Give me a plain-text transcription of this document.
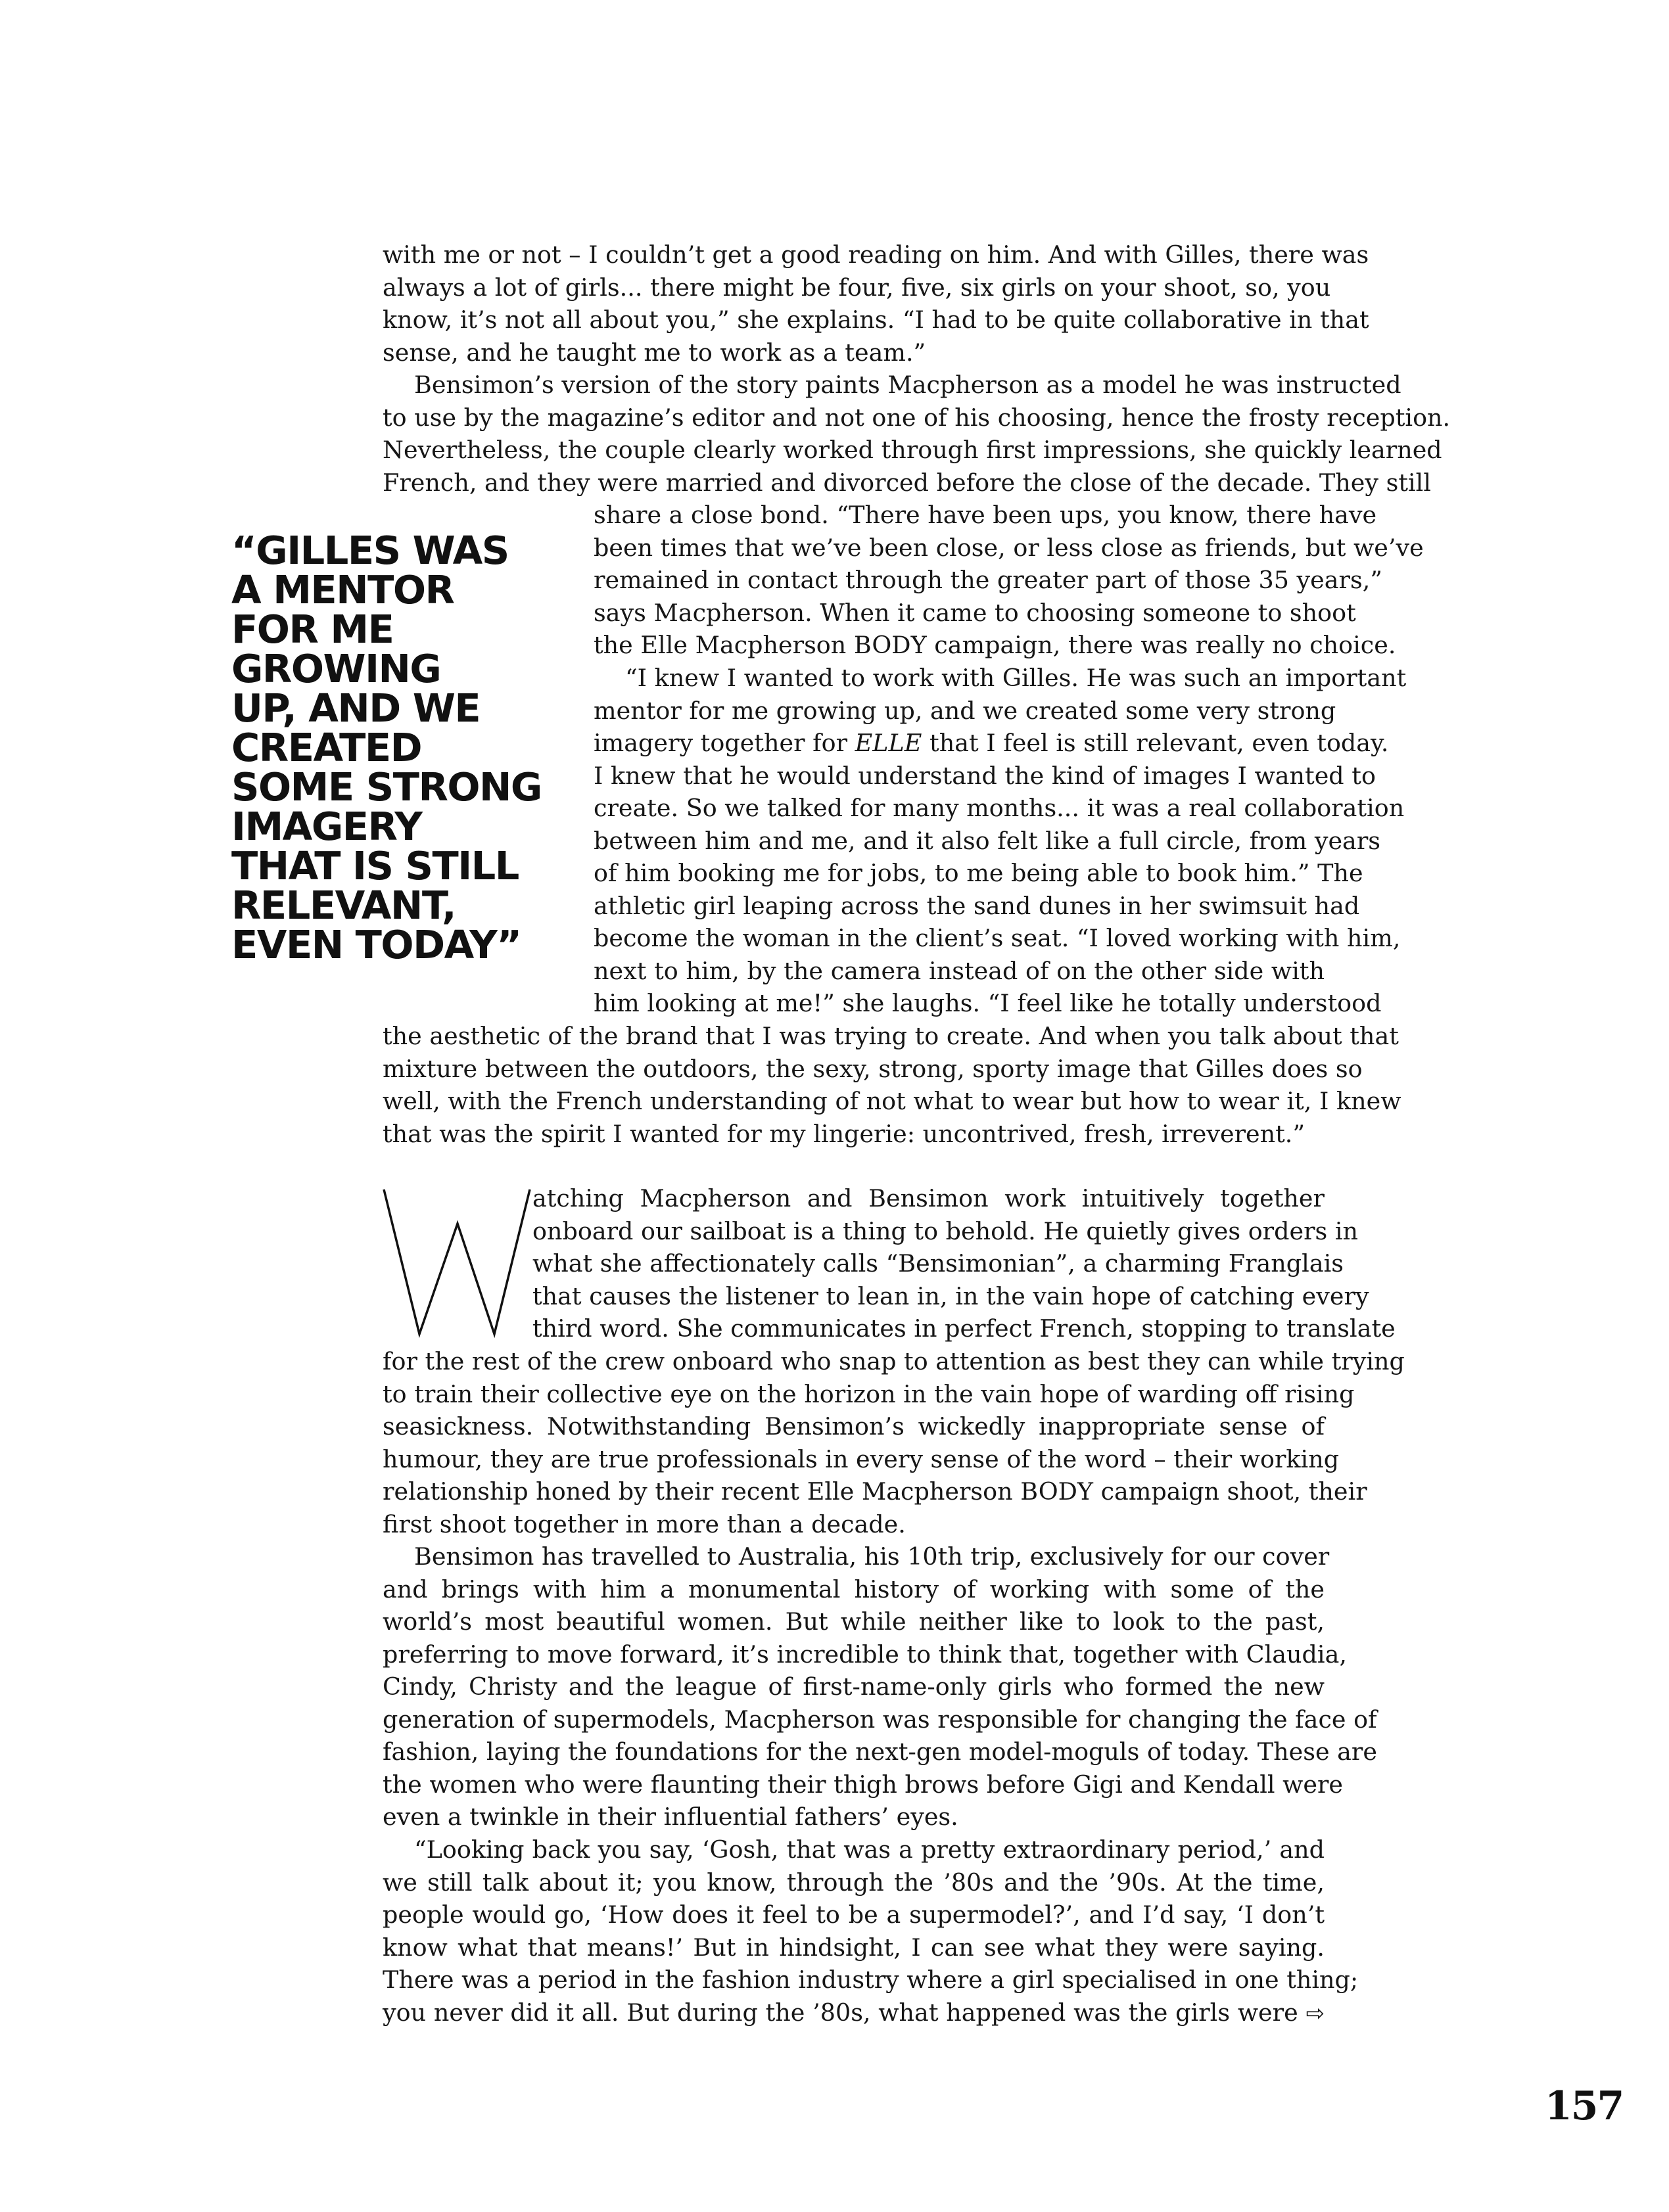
“GILLES WAS
A MENTOR
FOR ME
GROWING
UP, AND WE
CREATED
SOME STRONG
IMAGERY
THAT IS STILL
RELEVANT,
EVEN TODAY”
with me or not – I couldn’t get a good reading on him. And with Gilles, there was
always a lot of girls... there might be four, five, six girls on your shoot, so, you
know, it’s not all about you,” she explains. “I had to be quite collaborative in that
sense, and he taught me to work as a team.”
Bensimon’s version of the story paints Macpherson as a model he was instructed
to use by the magazine’s editor and not one of his choosing, hence the frosty reception.
Nevertheless, the couple clearly worked through first impressions, she quickly learned
French, and they were married and divorced before the close of the decade. They still
share a close bond. “There have been ups, you know, there have
been times that we’ve been close, or less close as friends, but we’ve
remained in contact through the greater part of those 35 years,”
says Macpherson. When it came to choosing someone to shoot
the Elle Macpherson BODY campaign, there was really no choice.
“I knew I wanted to work with Gilles. He was such an important
mentor for me growing up, and we created some very strong
imagery together for ELLE that I feel is still relevant, even today.
I knew that he would understand the kind of images I wanted to
create. So we talked for many months... it was a real collaboration
between him and me, and it also felt like a full circle, from years
of him booking me for jobs, to me being able to book him.” The
athletic girl leaping across the sand dunes in her swimsuit had
become the woman in the client’s seat. “I loved working with him,
next to him, by the camera instead of on the other side with
him looking at me!” she laughs. “I feel like he totally understood
the aesthetic of the brand that I was trying to create. And when you talk about that
mixture between the outdoors, the sexy, strong, sporty image that Gilles does so
well, with the French understanding of not what to wear but how to wear it, I knew
that was the spirit I wanted for my lingerie: uncontrived, fresh, irreverent.”
atching Macpherson and Bensimon work intuitively together
onboard our sailboat is a thing to behold. He quietly gives orders in
what she affectionately calls “Bensimonian”, a charming Franglais
that causes the listener to lean in, in the vain hope of catching every
third word. She communicates in perfect French, stopping to translate
for the rest of the crew onboard who snap to attention as best they can while trying
to train their collective eye on the horizon in the vain hope of warding off rising
seasickness. Notwithstanding Bensimon’s wickedly inappropriate sense of
humour, they are true professionals in every sense of the word – their working
relationship honed by their recent Elle Macpherson BODY campaign shoot, their
first shoot together in more than a decade.
Bensimon has travelled to Australia, his 10th trip, exclusively for our cover
and brings with him a monumental history of working with some of the
world’s most beautiful women. But while neither like to look to the past,
preferring to move forward, it’s incredible to think that, together with Claudia,
Cindy, Christy and the league of first-name-only girls who formed the new
generation of supermodels, Macpherson was responsible for changing the face of
fashion, laying the foundations for the next-gen model-moguls of today. These are
the women who were flaunting their thigh brows before Gigi and Kendall were
even a twinkle in their influential fathers’ eyes.
“Looking back you say, ‘Gosh, that was a pretty extraordinary period,’ and
we still talk about it; you know, through the ’80s and the ’90s. At the time,
people would go, ‘How does it feel to be a supermodel?’, and I’d say, ‘I don’t
know what that means!’ But in hindsight, I can see what they were saying.
There was a period in the fashion industry where a girl specialised in one thing;
you never did it all. But during the ’80s, what happened was the girls were ⇨
157
